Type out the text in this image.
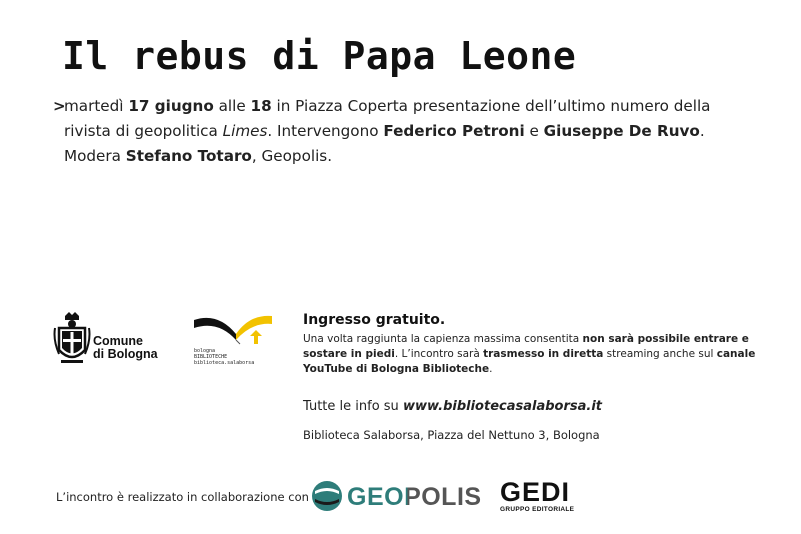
Il rebus di Papa Leone
>

martedì 17 giugno alle 18 in Piazza Coperta presentazione dell’ultimo numero della

rivista di geopolitica Limes. Intervengono Federico Petroni e Giuseppe De Ruvo.

Modera Stefano Totaro, Geopolis.

Comune
di Bologna	bologna
BIBLIOTECHE
biblioteca.salaborsa

Ingresso gratuito.

Una volta raggiunta la capienza massima consentita non sarà possibile entrare e
sostare in piedi. L’incontro sarà trasmesso in diretta streaming anche sul canale
YouTube di Bologna Biblioteche.

Tutte le info su www.bibliotecasalaborsa.it
Biblioteca Salaborsa, Piazza del Nettuno 3, Bologna
L’incontro è realizzato in collaborazione con GEOPOLIS GEDI
GRUPPO EDITORIALE
